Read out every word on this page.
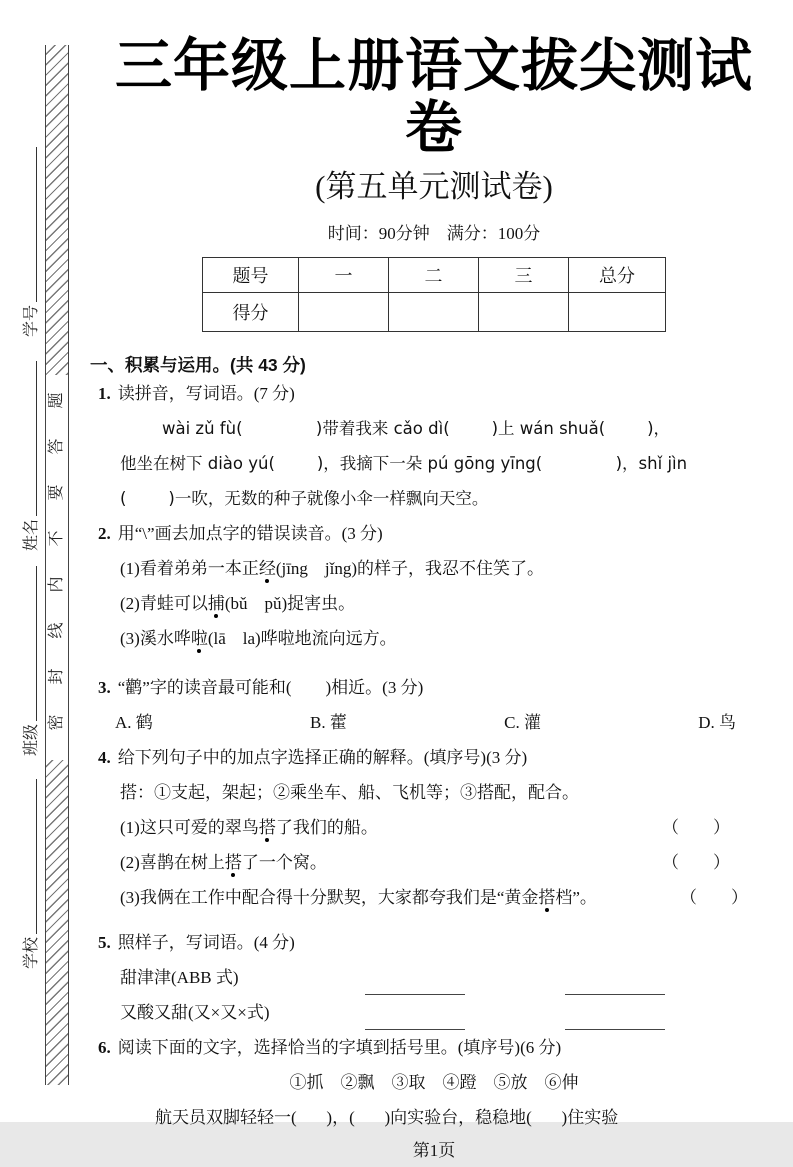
密封线内不要答题
学号
姓名
班级
学校
三年级上册语文拔尖测试卷
(第五单元测试卷)
时间：90分钟　满分：100分
题号	一	二	三	总分
得分				
一、积累与运用。(共 43 分)
1. 读拼音，写词语。(7 分)
wài zǔ fù(              )带着我来 cǎo dì(        )上 wán shuǎ(        )，
他坐在树下 diào yú(        )，我摘下一朵 pú gōng yīng(              )，shǐ jìn
(        )一吹，无数的种子就像小伞一样飘向天空。
2. 用“\”画去加点字的错误读音。(3 分)
(1)看着弟弟一本正经(jīng　jǐng)的样子，我忍不住笑了。
(2)青蛙可以捕(bǔ　pǔ)捉害虫。
(3)溪水哗啦(lā　la)哗啦地流向远方。
3. “鹳”字的读音最可能和(　　)相近。(3 分)
A. 鹤	B. 藿	C. 灌	D. 鸟
4. 给下列句子中的加点字选择正确的解释。(填序号)(3 分)
搭：①支起，架起；②乘坐车、船、飞机等；③搭配，配合。
(1)这只可爱的翠鸟搭了我们的船。	（　　）
(2)喜鹊在树上搭了一个窝。	（　　）
(3)我俩在工作中配合得十分默契，大家都夸我们是“黄金搭档”。	（　　）
5. 照样子，写词语。(4 分)
甜津津(ABB 式)
又酸又甜(又×又×式)
6. 阅读下面的文字，选择恰当的字填到括号里。(填序号)(6 分)
①抓　②飘　③取　④蹬　⑤放　⑥伸
航天员双脚轻轻一(       )，(       )向实验台，稳稳地(       )住实验
第1页
